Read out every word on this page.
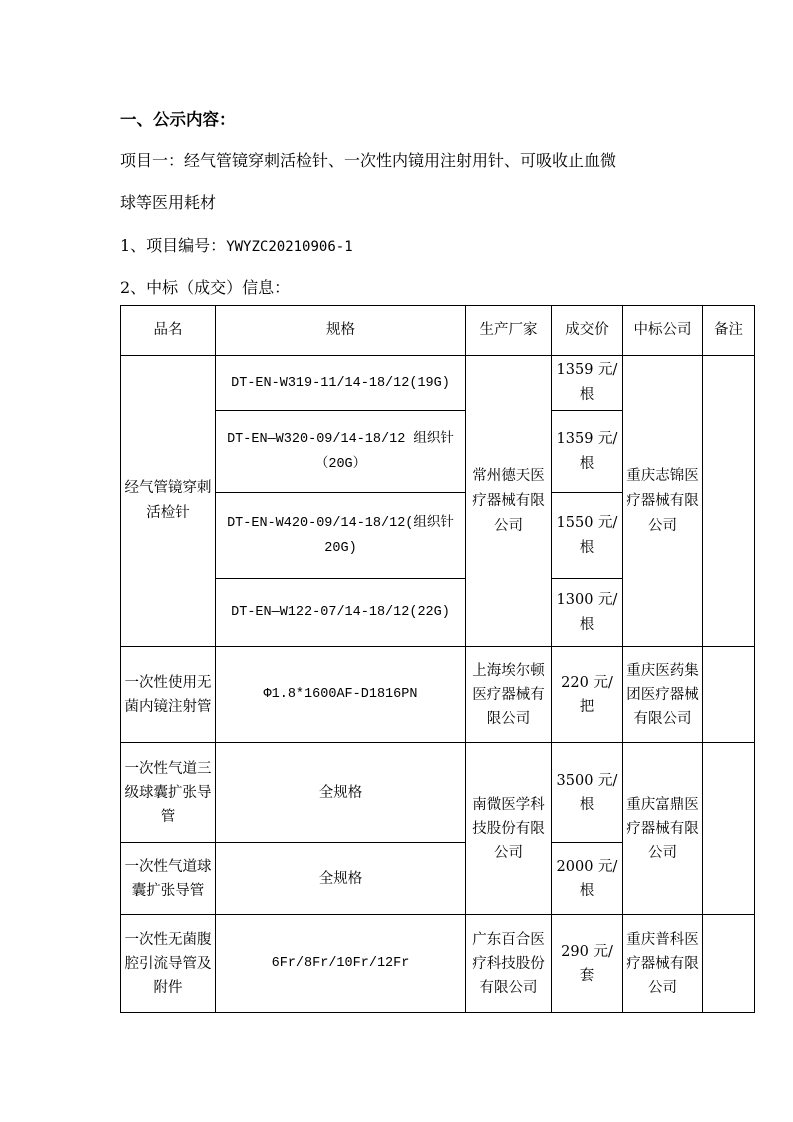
一、公示内容：
项目一：经气管镜穿刺活检针、一次性内镜用注射用针、可吸收止血微
球等医用耗材
1、项目编号：YWYZC20210906-1
2、中标（成交）信息：
品名	规格	生产厂家	成交价	中标公司	备注
经气管镜穿刺活检针	DT-EN-W319-11/14-18/12(19G)	常州德天医疗器械有限公司	1359 元/根	重庆志锦医疗器械有限公司	
	DT-EN—W320-09/14-18/12 组织针（20G）		1359 元/根		
	DT-EN-W420-09/14-18/12(组织针 20G)		1550 元/根		
	DT-EN—W122-07/14-18/12(22G)		1300 元/根		
一次性使用无菌内镜注射管	Φ1.8*1600AF-D1816PN	上海埃尔顿医疗器械有限公司	220 元/把	重庆医药集团医疗器械有限公司	
一次性气道三级球囊扩张导管	全规格	南微医学科技股份有限公司	3500 元/根	重庆富鼎医疗器械有限公司	
一次性气道球囊扩张导管	全规格		2000 元/根		
一次性无菌腹腔引流导管及附件	6Fr/8Fr/10Fr/12Fr	广东百合医疗科技股份有限公司	290 元/套	重庆普科医疗器械有限公司	
